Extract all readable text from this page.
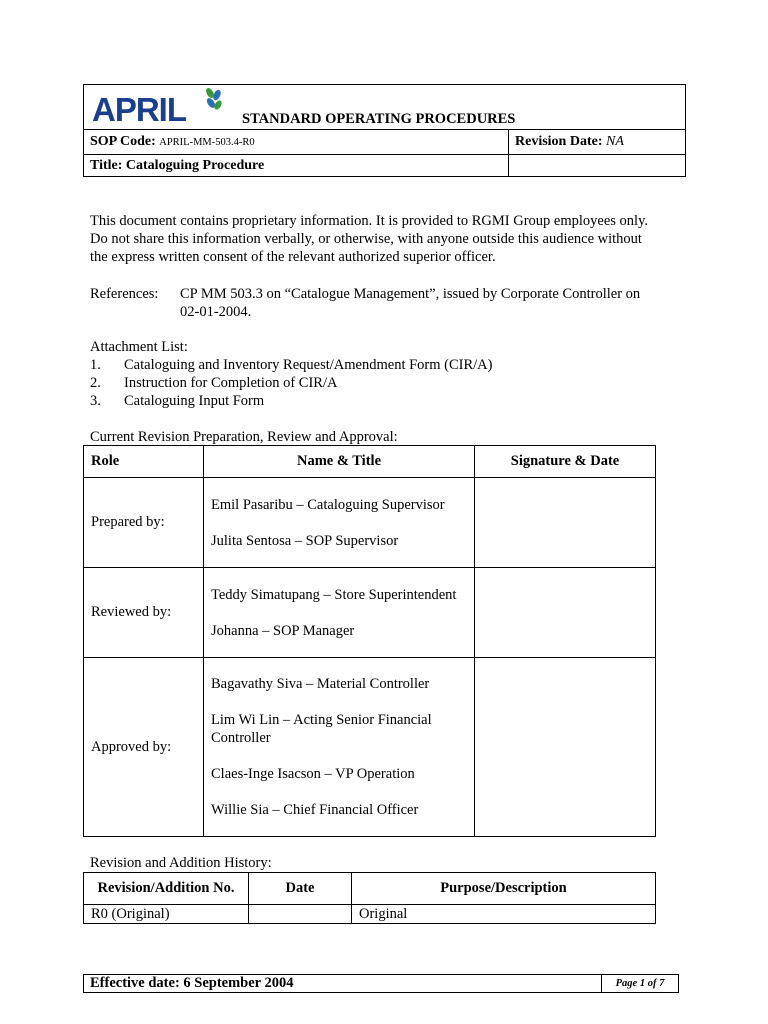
APRIL STANDARD OPERATING PROCEDURES	

SOP Code: APRIL-MM-503.4-R0	Revision Date: NA
Title: Cataloguing Procedure	
This document contains proprietary information. It is provided to RGMI Group employees only.
Do not share this information verbally, or otherwise, with anyone outside this audience without
the express written consent of the relevant authorized superior officer.
References: CP MM 503.3 on “Catalogue Management”, issued by Corporate Controller on
02-01-2004.
Attachment List:
1.	Cataloguing and Inventory Request/Amendment Form (CIR/A)
2.	Instruction for Completion of CIR/A
3.	Cataloguing Input Form
Current Revision Preparation, Review and Approval:
Role	Name & Title	Signature & Date
Prepared by:	Emil Pasaribu – Cataloguing Supervisor
Julita Sentosa – SOP Supervisor	

Reviewed by:	Teddy Simatupang – Store Superintendent
Johanna – SOP Manager	

Approved by:	Bagavathy Siva – Material Controller
Lim Wi Lin – Acting Senior Financial Controller
Claes-Inge Isacson – VP Operation
Willie Sia – Chief Financial Officer	

Revision and Addition History:
Revision/Addition No.	Date	Purpose/Description
R0 (Original)		Original
Effective date: 6 September 2004	Page 1 of 7
